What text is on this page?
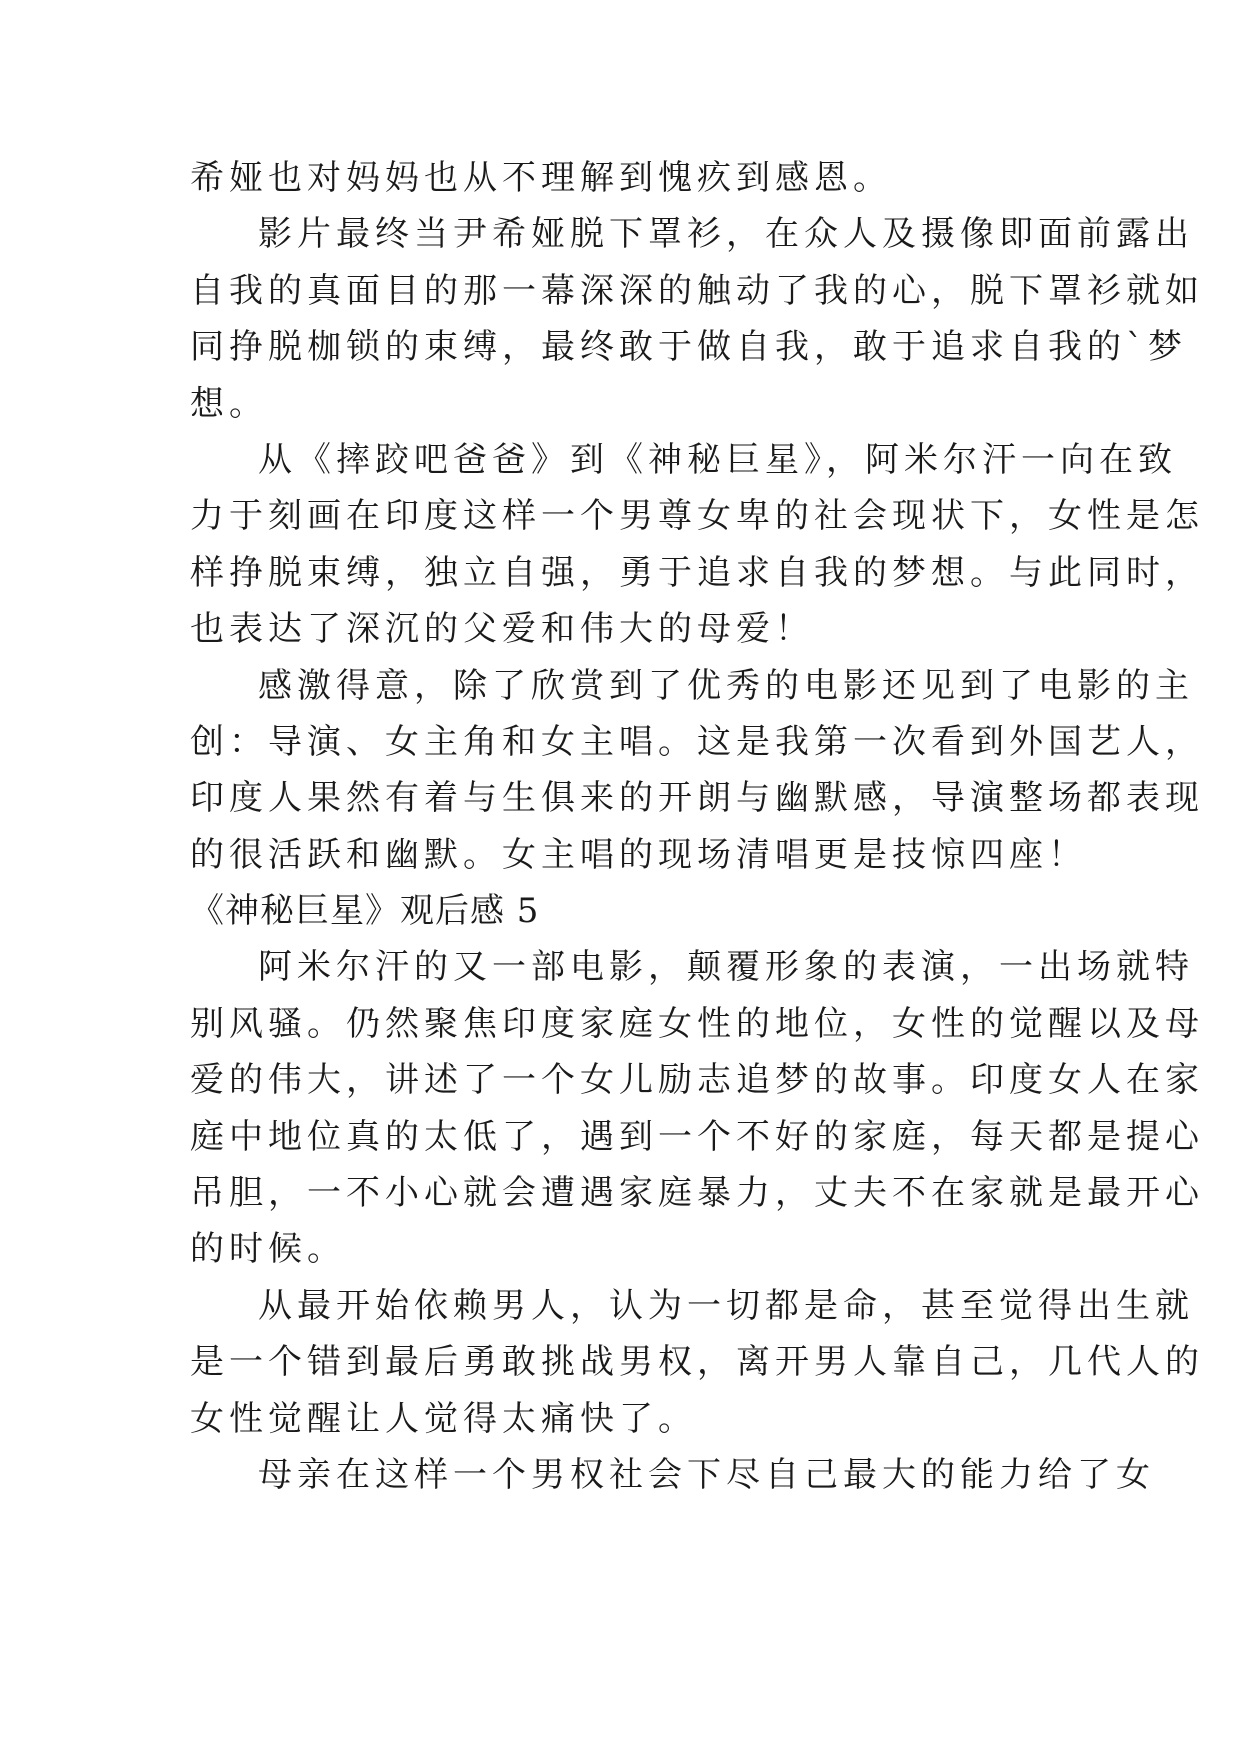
希娅也对妈妈也从不理解到愧疚到感恩。
影片最终当尹希娅脱下罩衫，在众人及摄像即面前露出
自我的真面目的那一幕深深的触动了我的心，脱下罩衫就如
同挣脱枷锁的束缚，最终敢于做自我，敢于追求自我的`梦
想。
从《摔跤吧爸爸》到《神秘巨星》，阿米尔汗一向在致
力于刻画在印度这样一个男尊女卑的社会现状下，女性是怎
样挣脱束缚，独立自强，勇于追求自我的梦想。与此同时，
也表达了深沉的父爱和伟大的母爱！
感激得意，除了欣赏到了优秀的电影还见到了电影的主
创：导演、女主角和女主唱。这是我第一次看到外国艺人，
印度人果然有着与生俱来的开朗与幽默感，导演整场都表现
的很活跃和幽默。女主唱的现场清唱更是技惊四座！
《神秘巨星》观后感 5
阿米尔汗的又一部电影，颠覆形象的表演，一出场就特
别风骚。仍然聚焦印度家庭女性的地位，女性的觉醒以及母
爱的伟大，讲述了一个女儿励志追梦的故事。印度女人在家
庭中地位真的太低了，遇到一个不好的家庭，每天都是提心
吊胆，一不小心就会遭遇家庭暴力，丈夫不在家就是最开心
的时候。
从最开始依赖男人，认为一切都是命，甚至觉得出生就
是一个错到最后勇敢挑战男权，离开男人靠自己，几代人的
女性觉醒让人觉得太痛快了。
母亲在这样一个男权社会下尽自己最大的能力给了女
